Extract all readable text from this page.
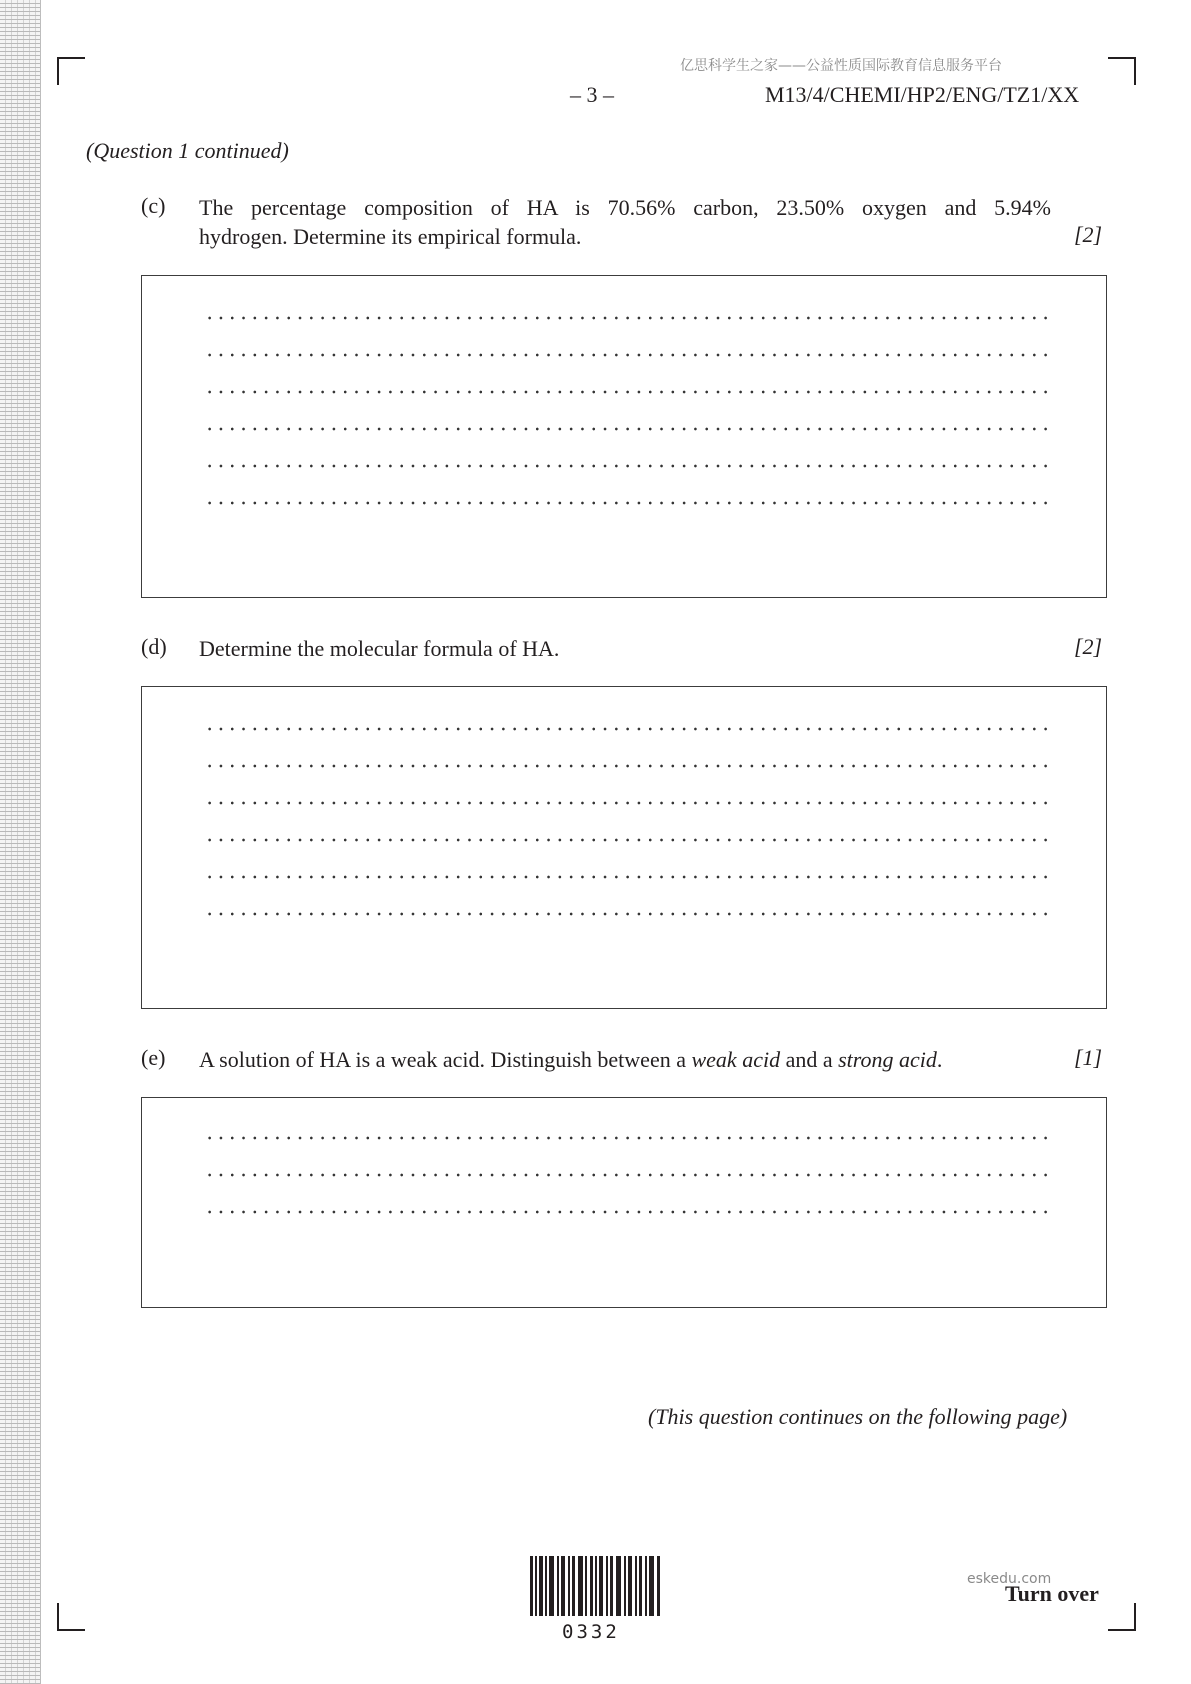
亿思科学生之家——公益性质国际教育信息服务平台
– 3 –	M13/4/CHEMI/HP2/ENG/TZ1/XX
(Question 1 continued)
(c) The percentage composition of HA is 70.56% carbon, 23.50% oxygen and 5.94%
hydrogen. Determine its empirical formula.	[2]
(d) Determine the molecular formula of HA.	[2]
(e) A solution of HA is a weak acid. Distinguish between a weak acid and a strong acid.	[1]
(This question continues on the following page)
0332
eskedu.com
Turn over
